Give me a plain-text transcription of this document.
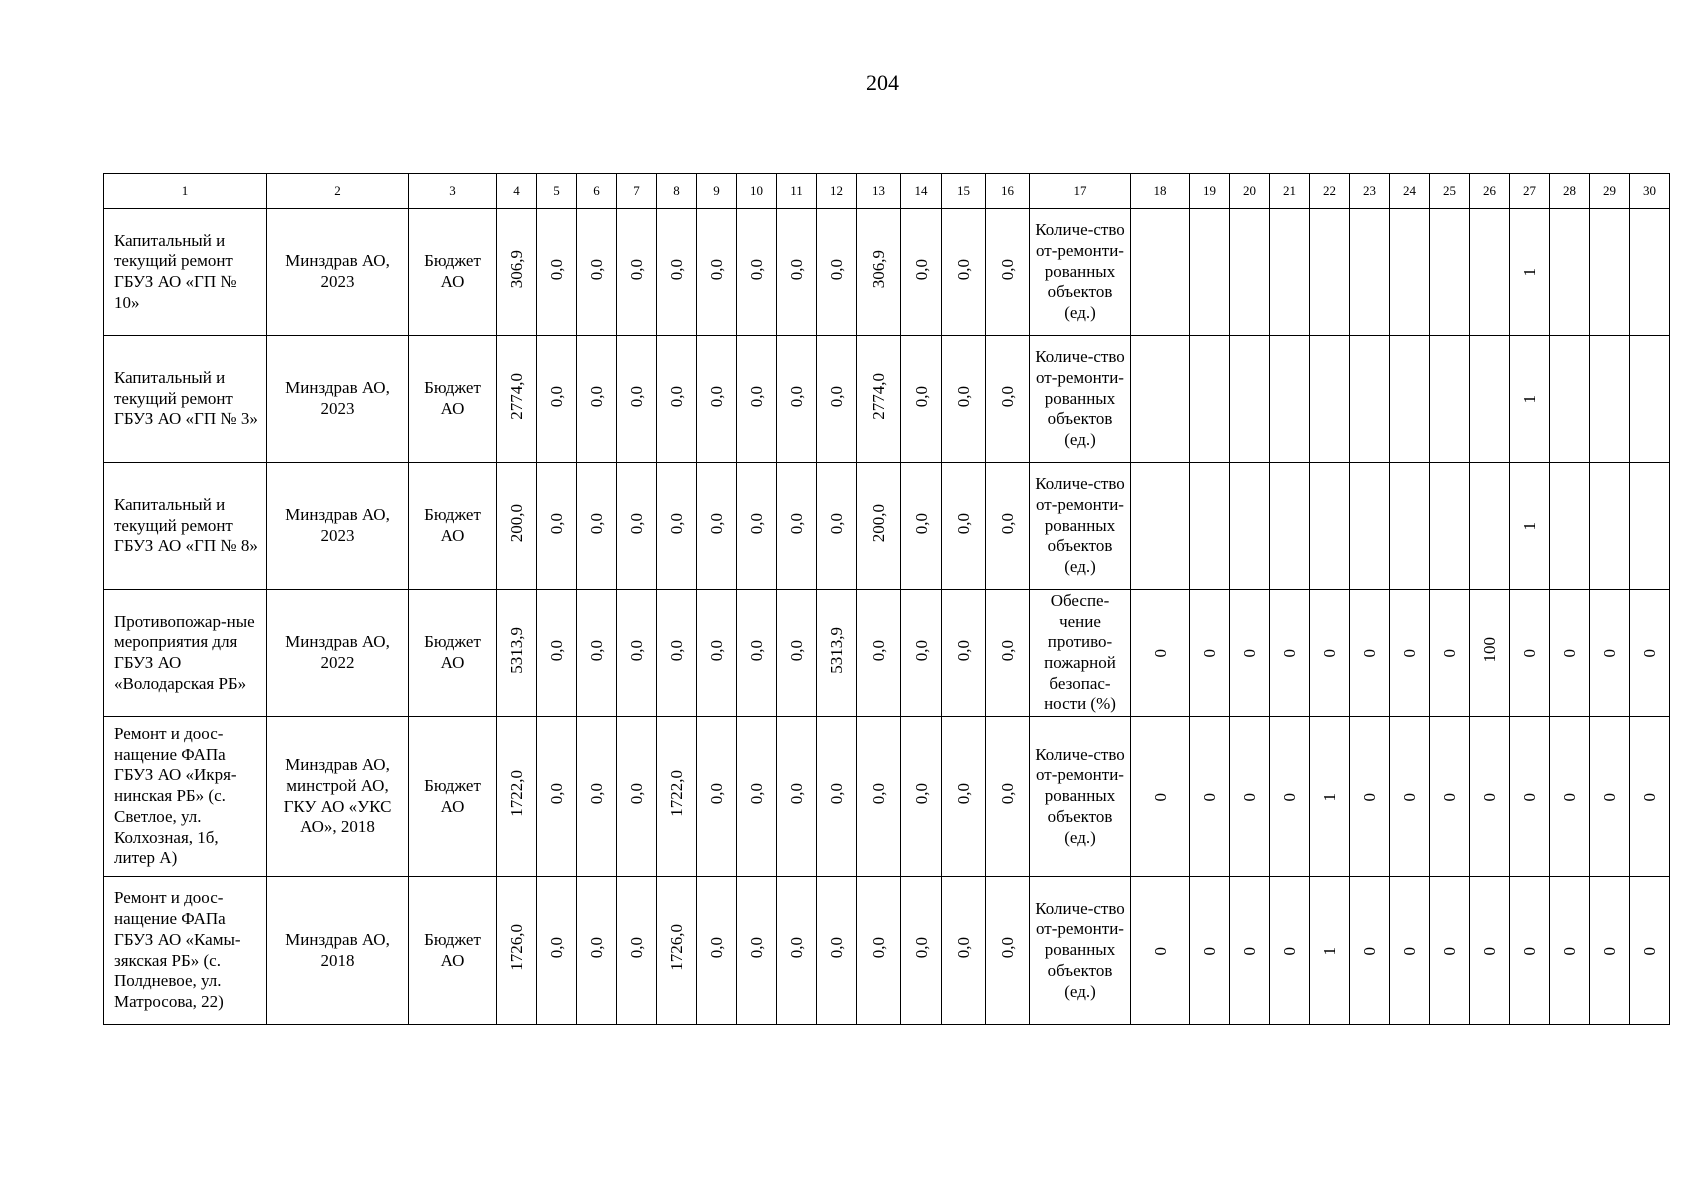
204
1	2	3	4	5	6	7	8	9	10	11	12	13	14	15	16	17	18	19	20	21	22	23	24	25	26	27	28	29	30
Капитальный и текущий ремонт ГБУЗ АО «ГП № 10»	Минздрав АО, 2023	Бюджет АО	306,9	0,0	0,0	0,0	0,0	0,0	0,0	0,0	0,0	306,9	0,0	0,0	0,0	Количе-ство от-ремонти-рованных объектов (ед.)										1			
Капитальный и текущий ремонт ГБУЗ АО «ГП № 3»	Минздрав АО, 2023	Бюджет АО	2774,0	0,0	0,0	0,0	0,0	0,0	0,0	0,0	0,0	2774,0	0,0	0,0	0,0	Количе-ство от-ремонти-рованных объектов (ед.)										1			
Капитальный и текущий ремонт ГБУЗ АО «ГП № 8»	Минздрав АО, 2023	Бюджет АО	200,0	0,0	0,0	0,0	0,0	0,0	0,0	0,0	0,0	200,0	0,0	0,0	0,0	Количе-ство от-ремонти-рованных объектов (ед.)										1			
Противопожар-ные мероприятия для ГБУЗ АО «Володарская РБ»	Минздрав АО, 2022	Бюджет АО	5313,9	0,0	0,0	0,0	0,0	0,0	0,0	0,0	5313,9	0,0	0,0	0,0	0,0	Обеспе-чение противо-пожарной безопас-ности (%)	0	0	0	0	0	0	0	0	100	0	0	0	0
Ремонт и доос-нащение ФАПа ГБУЗ АО «Икря-нинская РБ» (с. Светлое, ул. Колхозная, 1б, литер А)	Минздрав АО, минстрой АО, ГКУ АО «УКС АО», 2018	Бюджет АО	1722,0	0,0	0,0	0,0	1722,0	0,0	0,0	0,0	0,0	0,0	0,0	0,0	0,0	Количе-ство от-ремонти-рованных объектов (ед.)	0	0	0	0	1	0	0	0	0	0	0	0	0
Ремонт и доос-нащение ФАПа ГБУЗ АО «Камы-зякская РБ» (с. Полдневое, ул. Матросова, 22)	Минздрав АО, 2018	Бюджет АО	1726,0	0,0	0,0	0,0	1726,0	0,0	0,0	0,0	0,0	0,0	0,0	0,0	0,0	Количе-ство от-ремонти-рованных объектов (ед.)	0	0	0	0	1	0	0	0	0	0	0	0	0
